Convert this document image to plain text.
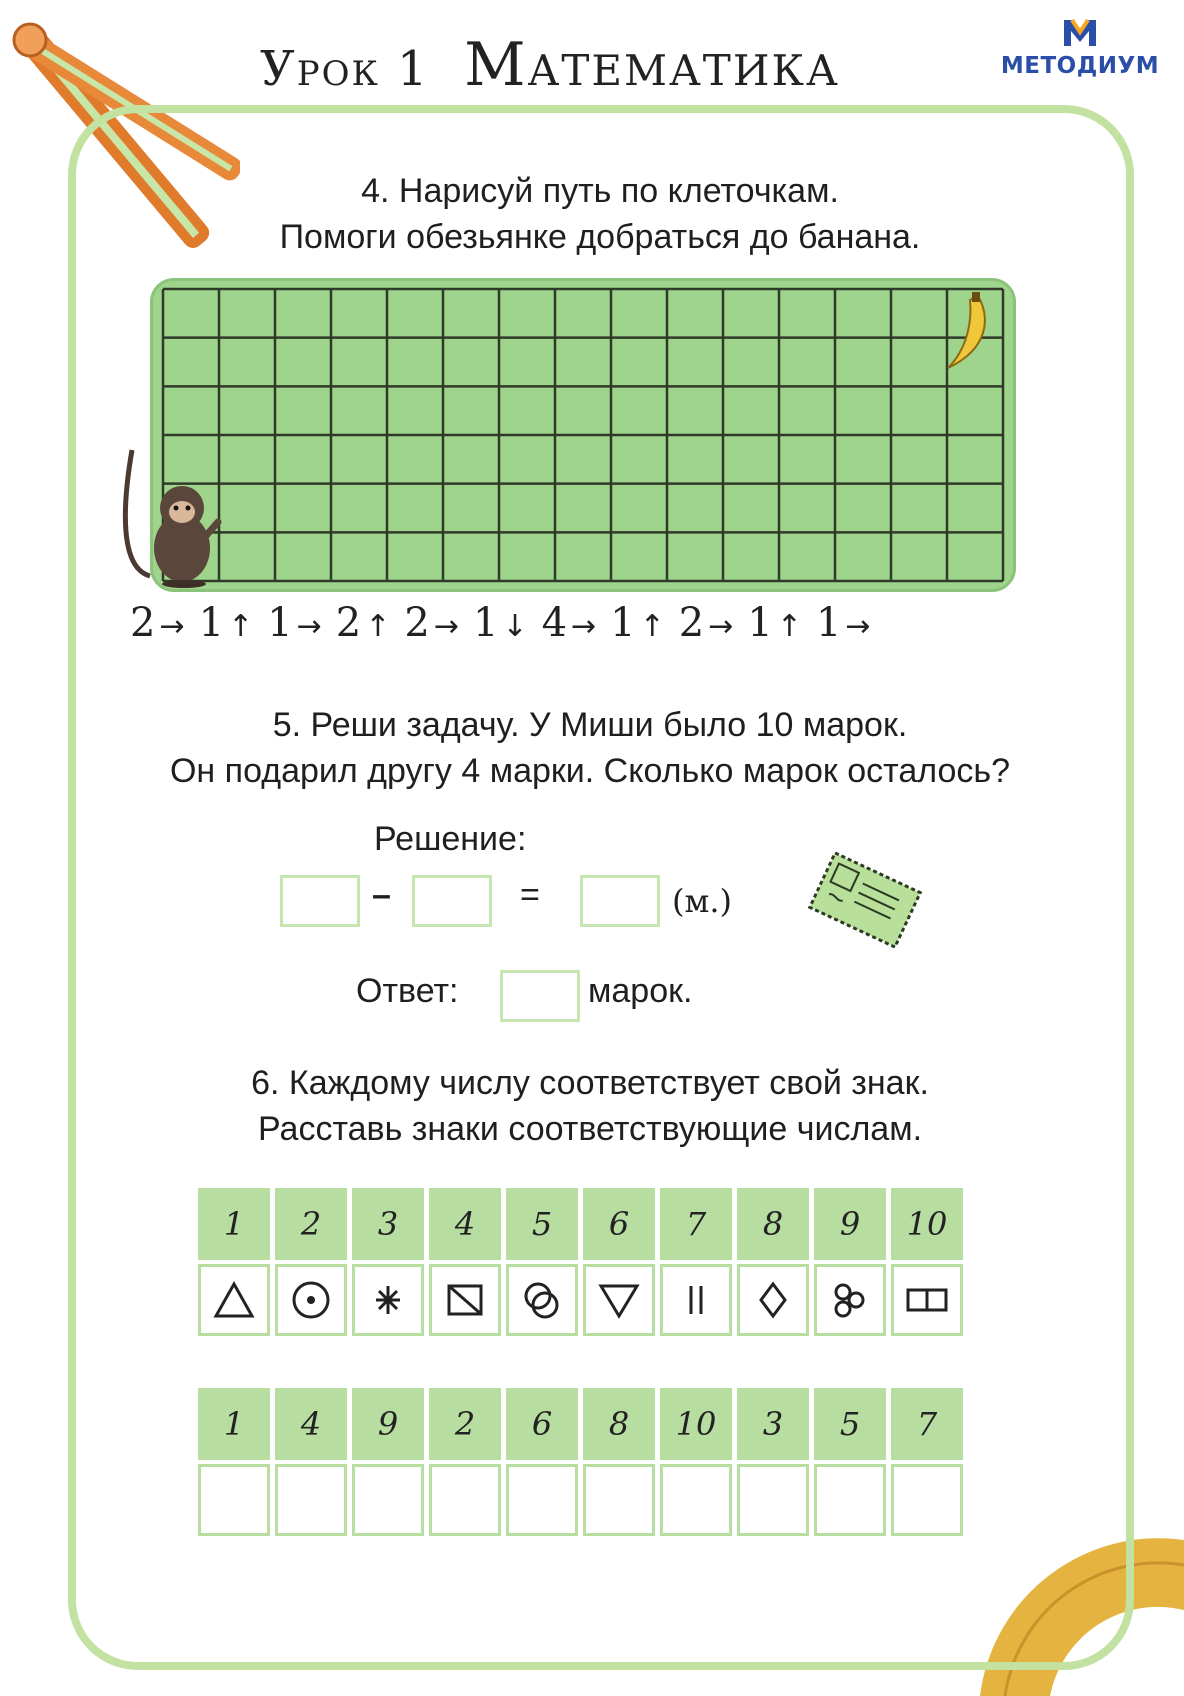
Урок 1 Математика	МЕТОДИУМ
4. Нарисуй путь по клеточкам.
Помоги обезьянке добраться до банана.
2 → 1 ↑ 1 → 2 ↑ 2 → 1 ↓ 4 → 1 ↑ 2 → 1 ↑ 1 →
5. Реши задачу. У Миши было 10 марок.
Он подарил другу 4 марки. Сколько марок осталось?
Решение:
–	=	(м.)
Ответ:	марок.
6. Каждому числу соответствует свой знак.
Расставь знаки соответствующие числам.
1	2	3	4	5	6	7	8	9	10
1	4	9	2	6	8	10	3	5	7
